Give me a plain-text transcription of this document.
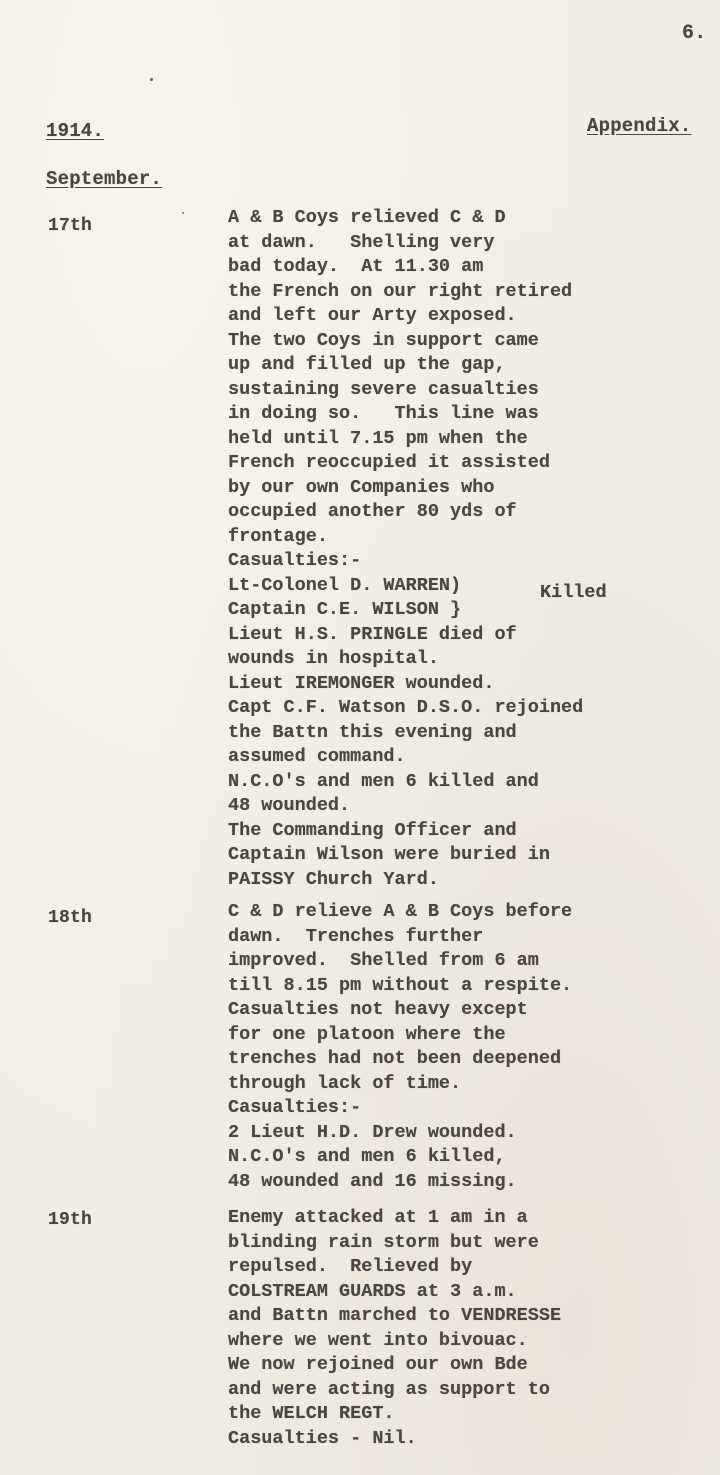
6.
1914.	Appendix.
September.
17th	A & B Coys relieved C & D
at dawn.   Shelling very
bad today.  At 11.30 am
the French on our right retired
and left our Arty exposed.
The two Coys in support came
up and filled up the gap,
sustaining severe casualties
in doing so.   This line was
held until 7.15 pm when the
French reoccupied it assisted
by our own Companies who
occupied another 80 yds of
frontage.
Casualties:-
Lt-Colonel D. WARREN)
Captain C.E. WILSON }
Lieut H.S. PRINGLE died of
wounds in hospital.
Lieut IREMONGER wounded.
Capt C.F. Watson D.S.O. rejoined
the Battn this evening and
assumed command.
N.C.O's and men 6 killed and
48 wounded.
The Commanding Officer and
Captain Wilson were buried in
PAISSY Church Yard.
Killed
18th	C & D relieve A & B Coys before
dawn.  Trenches further
improved.  Shelled from 6 am
till 8.15 pm without a respite.
Casualties not heavy except
for one platoon where the
trenches had not been deepened
through lack of time.
Casualties:-
2 Lieut H.D. Drew wounded.
N.C.O's and men 6 killed,
48 wounded and 16 missing.
19th	Enemy attacked at 1 am in a
blinding rain storm but were
repulsed.  Relieved by
COLSTREAM GUARDS at 3 a.m.
and Battn marched to VENDRESSE
where we went into bivouac.
We now rejoined our own Bde
and were acting as support to
the WELCH REGT.
Casualties - Nil.
